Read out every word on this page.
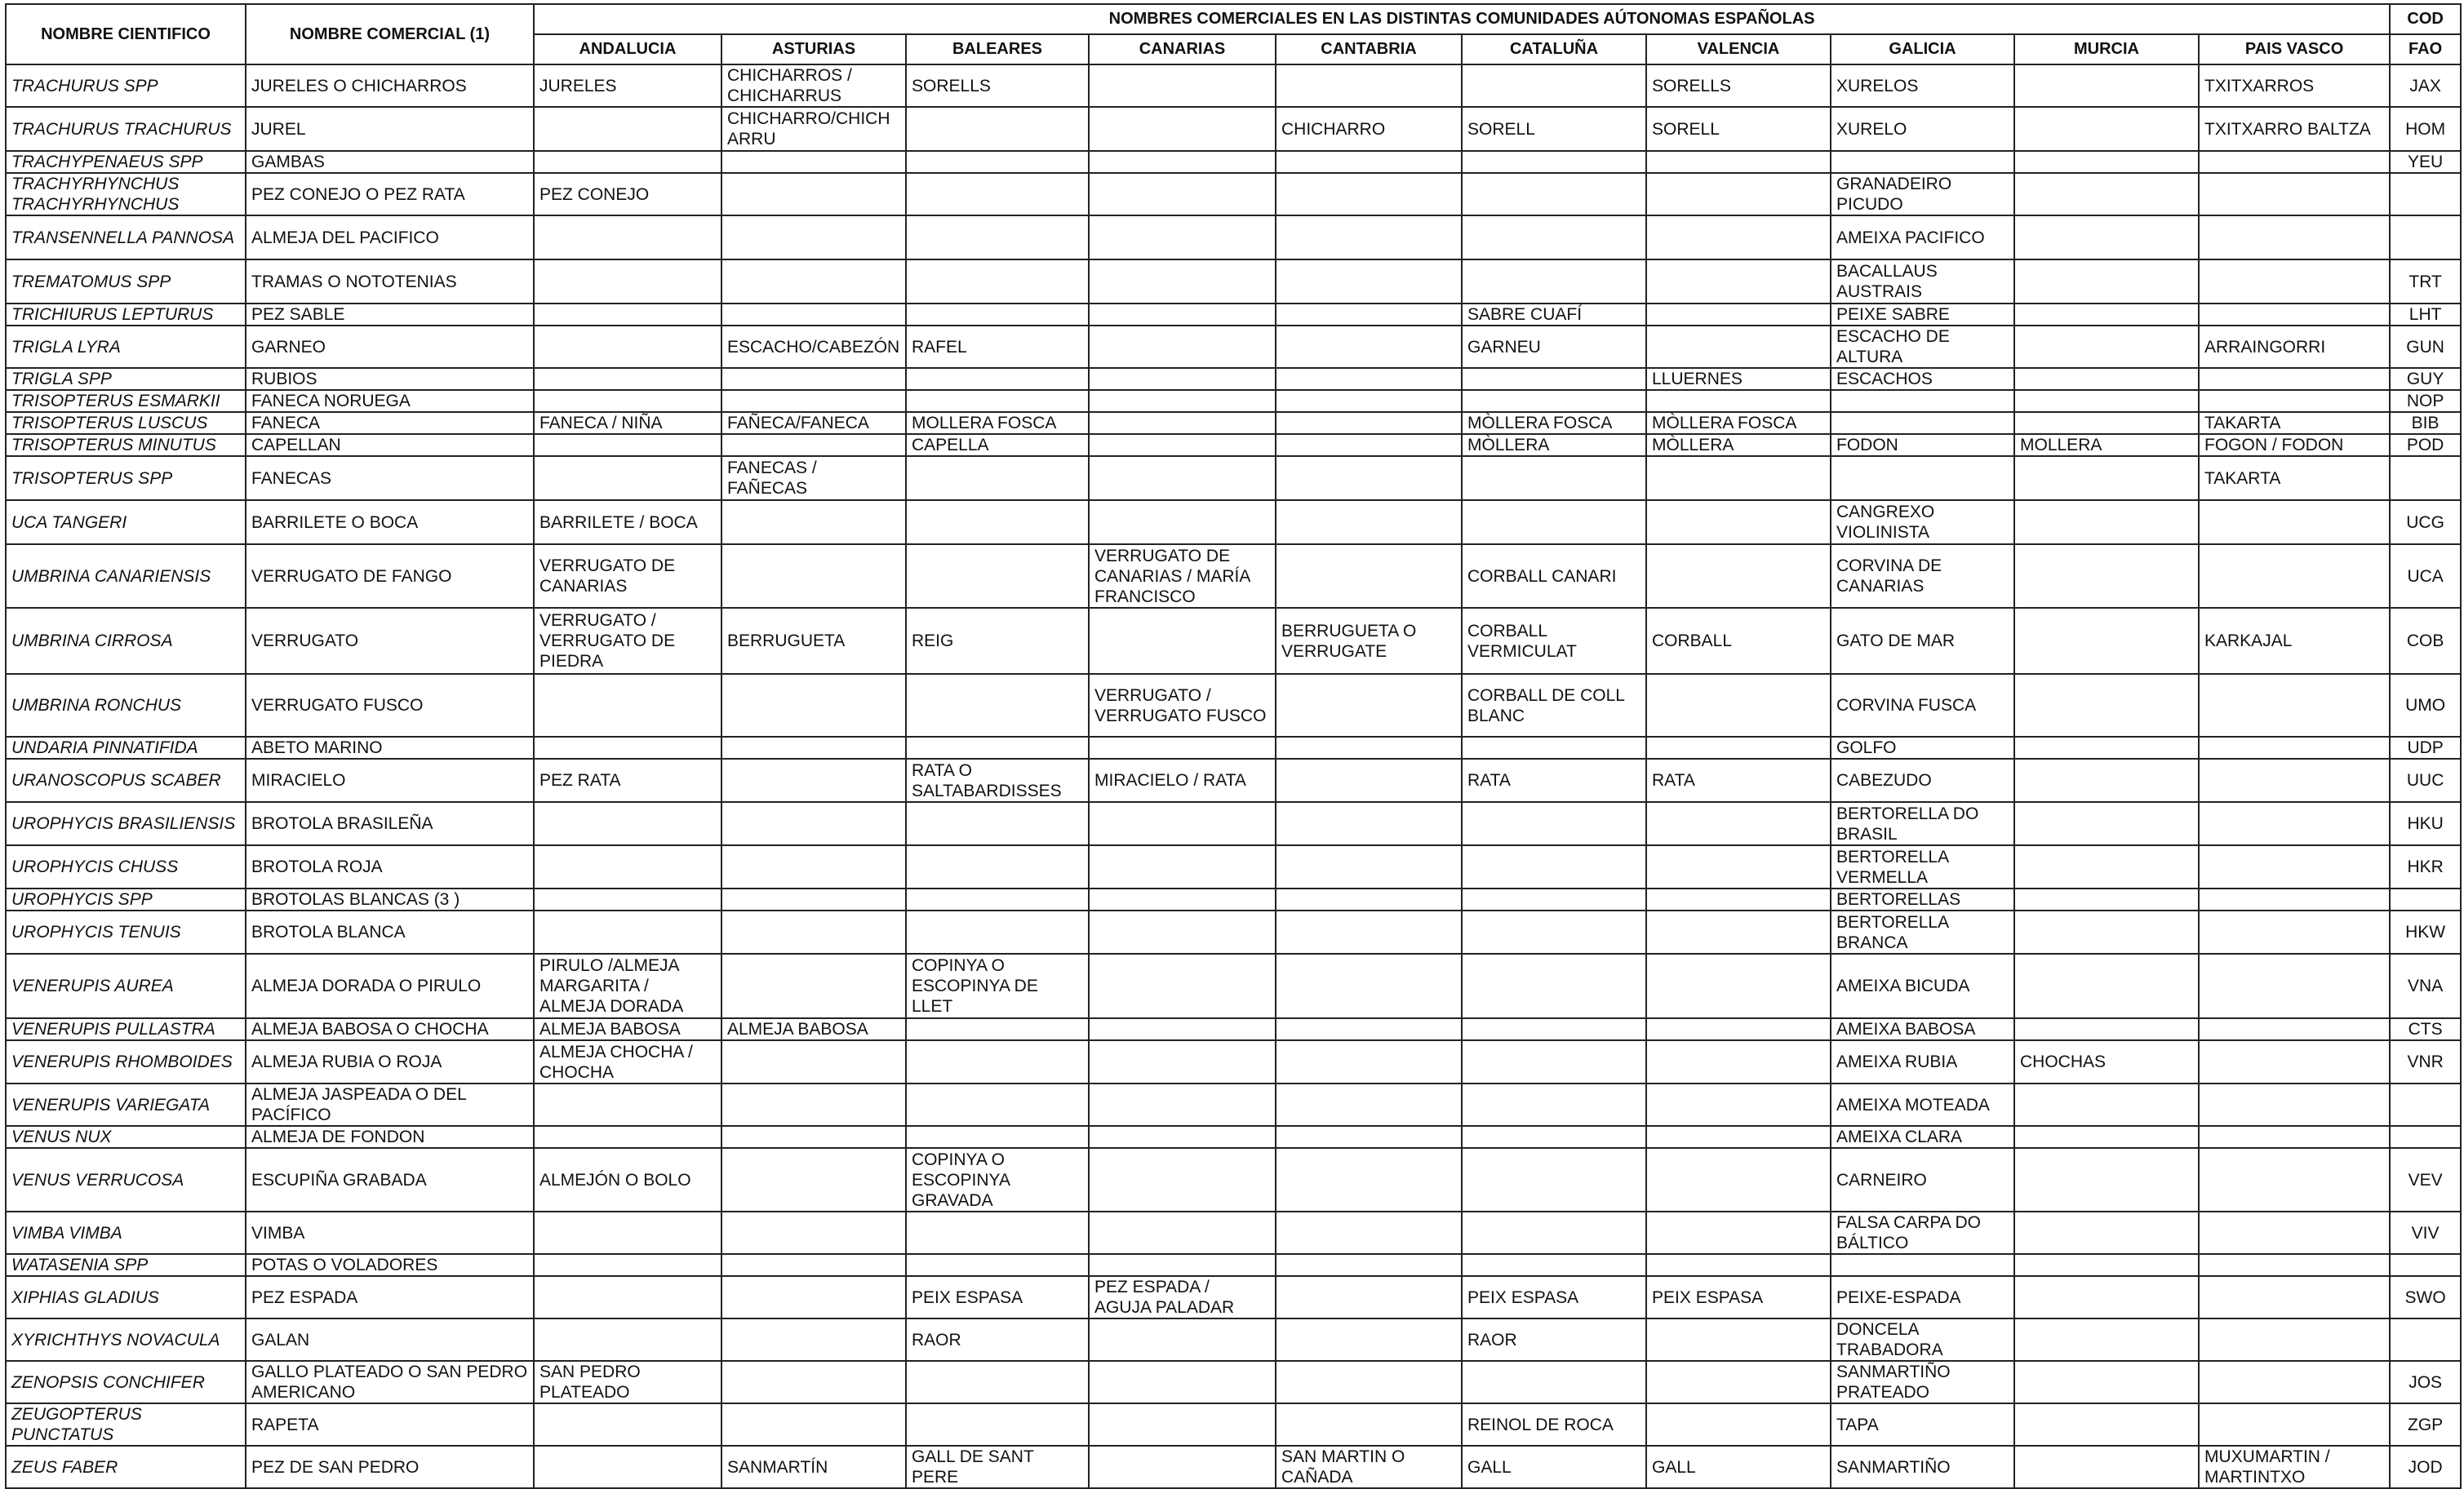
NOMBRE CIENTIFICO	NOMBRE COMERCIAL (1)	NOMBRES COMERCIALES EN LAS DISTINTAS COMUNIDADES AÚTONOMAS ESPAÑOLAS										COD
		ANDALUCIA	ASTURIAS	BALEARES	CANARIAS	CANTABRIA	CATALUÑA	VALENCIA	GALICIA	MURCIA	PAIS VASCO	FAO
TRACHURUS SPP	JURELES O CHICHARROS	JURELES	CHICHARROS / CHICHARRUS	SORELLS				SORELLS	XURELOS		TXITXARROS	JAX
TRACHURUS TRACHURUS	JUREL		CHICHARRO/CHICHARRU			CHICHARRO	SORELL	SORELL	XURELO		TXITXARRO BALTZA	HOM
TRACHYPENAEUS SPP	GAMBAS											YEU
TRACHYRHYNCHUS TRACHYRHYNCHUS	PEZ CONEJO O PEZ RATA	PEZ CONEJO							GRANADEIRO PICUDO			
TRANSENNELLA PANNOSA	ALMEJA DEL PACIFICO								AMEIXA PACIFICO			
TREMATOMUS SPP	TRAMAS O NOTOTENIAS								BACALLAUS AUSTRAIS			TRT
TRICHIURUS LEPTURUS	PEZ SABLE						SABRE CUAFÍ		PEIXE SABRE			LHT
TRIGLA LYRA	GARNEO		ESCACHO/CABEZÓN	RAFEL			GARNEU		ESCACHO DE ALTURA		ARRAINGORRI	GUN
TRIGLA SPP	RUBIOS							LLUERNES	ESCACHOS			GUY
TRISOPTERUS ESMARKII	FANECA NORUEGA											NOP
TRISOPTERUS LUSCUS	FANECA	FANECA / NIÑA	FAÑECA/FANECA	MOLLERA FOSCA			MÒLLERA FOSCA	MÒLLERA FOSCA			TAKARTA	BIB
TRISOPTERUS MINUTUS	CAPELLAN			CAPELLA			MÒLLERA	MÒLLERA	FODON	MOLLERA	FOGON / FODON	POD
TRISOPTERUS SPP	FANECAS		FANECAS / FAÑECAS								TAKARTA	
UCA TANGERI	BARRILETE O BOCA	BARRILETE / BOCA							CANGREXO VIOLINISTA			UCG
UMBRINA CANARIENSIS	VERRUGATO DE FANGO	VERRUGATO DE CANARIAS			VERRUGATO DE CANARIAS / MARÍA FRANCISCO		CORBALL CANARI		CORVINA DE CANARIAS			UCA
UMBRINA CIRROSA	VERRUGATO	VERRUGATO / VERRUGATO DE PIEDRA	BERRUGUETA	REIG		BERRUGUETA O VERRUGATE	CORBALL VERMICULAT	CORBALL	GATO DE MAR		KARKAJAL	COB
UMBRINA RONCHUS	VERRUGATO FUSCO				VERRUGATO / VERRUGATO FUSCO		CORBALL DE COLL BLANC		CORVINA FUSCA			UMO
UNDARIA PINNATIFIDA	ABETO MARINO								GOLFO			UDP
URANOSCOPUS SCABER	MIRACIELO	PEZ RATA		RATA O SALTABARDISSES	MIRACIELO / RATA		RATA	RATA	CABEZUDO			UUC
UROPHYCIS BRASILIENSIS	BROTOLA BRASILEÑA								BERTORELLA DO BRASIL			HKU
UROPHYCIS CHUSS	BROTOLA ROJA								BERTORELLA VERMELLA			HKR
UROPHYCIS SPP	BROTOLAS BLANCAS (3 )								BERTORELLAS			
UROPHYCIS TENUIS	BROTOLA BLANCA								BERTORELLA BRANCA			HKW
VENERUPIS AUREA	ALMEJA DORADA O PIRULO	PIRULO /ALMEJA MARGARITA / ALMEJA DORADA		COPINYA O ESCOPINYA DE LLET					AMEIXA BICUDA			VNA
VENERUPIS PULLASTRA	ALMEJA BABOSA O CHOCHA	ALMEJA BABOSA	ALMEJA BABOSA						AMEIXA BABOSA			CTS
VENERUPIS RHOMBOIDES	ALMEJA RUBIA O ROJA	ALMEJA CHOCHA / CHOCHA							AMEIXA RUBIA	CHOCHAS		VNR
VENERUPIS VARIEGATA	ALMEJA JASPEADA O DEL PACÍFICO								AMEIXA MOTEADA			
VENUS NUX	ALMEJA DE FONDON								AMEIXA CLARA			
VENUS VERRUCOSA	ESCUPIÑA GRABADA	ALMEJÓN O BOLO		COPINYA O ESCOPINYA GRAVADA					CARNEIRO			VEV
VIMBA VIMBA	VIMBA								FALSA CARPA DO BÁLTICO			VIV
WATASENIA SPP	POTAS O VOLADORES											
XIPHIAS GLADIUS	PEZ ESPADA			PEIX ESPASA	PEZ ESPADA / AGUJA PALADAR		PEIX ESPASA	PEIX ESPASA	PEIXE-ESPADA			SWO
XYRICHTHYS NOVACULA	GALAN			RAOR			RAOR		DONCELA TRABADORA			
ZENOPSIS CONCHIFER	GALLO PLATEADO O SAN PEDRO AMERICANO	SAN PEDRO PLATEADO							SANMARTIÑO PRATEADO			JOS
ZEUGOPTERUS PUNCTATUS	RAPETA						REINOL DE ROCA		TAPA			ZGP
ZEUS FABER	PEZ DE SAN PEDRO		SANMARTÍN	GALL DE SANT PERE		SAN MARTIN O CAÑADA	GALL	GALL	SANMARTIÑO		MUXUMARTIN / MARTINTXO	JOD
